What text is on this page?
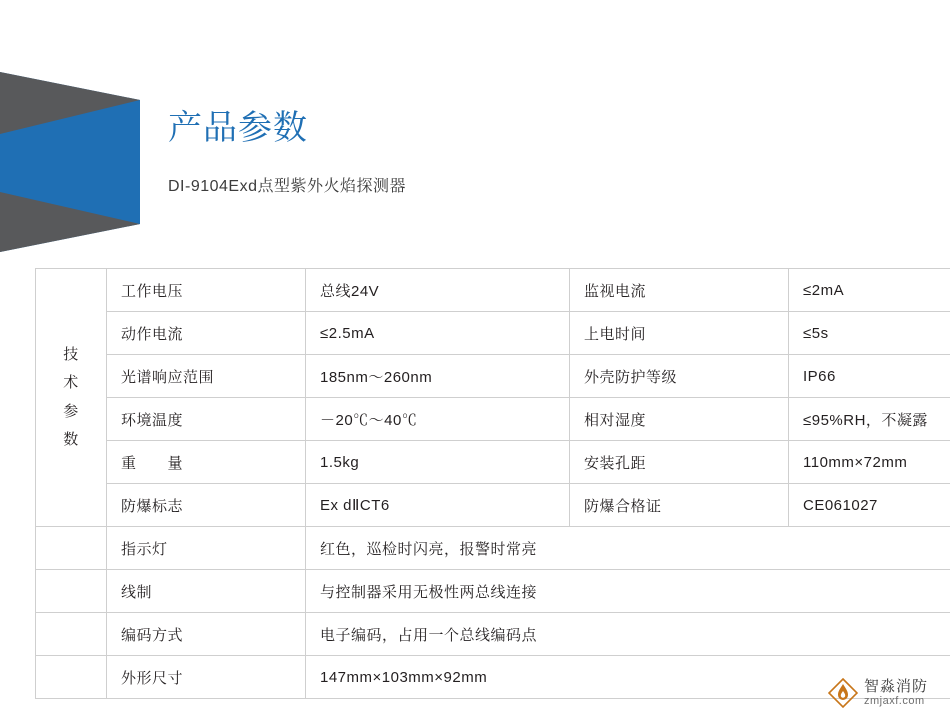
产品参数
DI-9104Exd点型紫外火焰探测器
技
术
参
数	工作电压	总线24V	监视电流	≤2mA
	动作电流	≤2.5mA	上电时间	≤5s
	光谱响应范围	185nm～260nm	外壳防护等级	IP66
	环境温度	－20℃～40℃	相对湿度	≤95%RH，不凝露
	重　　量	1.5kg	安装孔距	110mm×72mm
	防爆标志	Ex dⅡCT6	防爆合格证	CE061027
	指示灯	红色，巡检时闪亮，报警时常亮		
	线制	与控制器采用无极性两总线连接		
	编码方式	电子编码，占用一个总线编码点		
	外形尺寸	147mm×103mm×92mm		
智淼消防
zmjaxf.com
